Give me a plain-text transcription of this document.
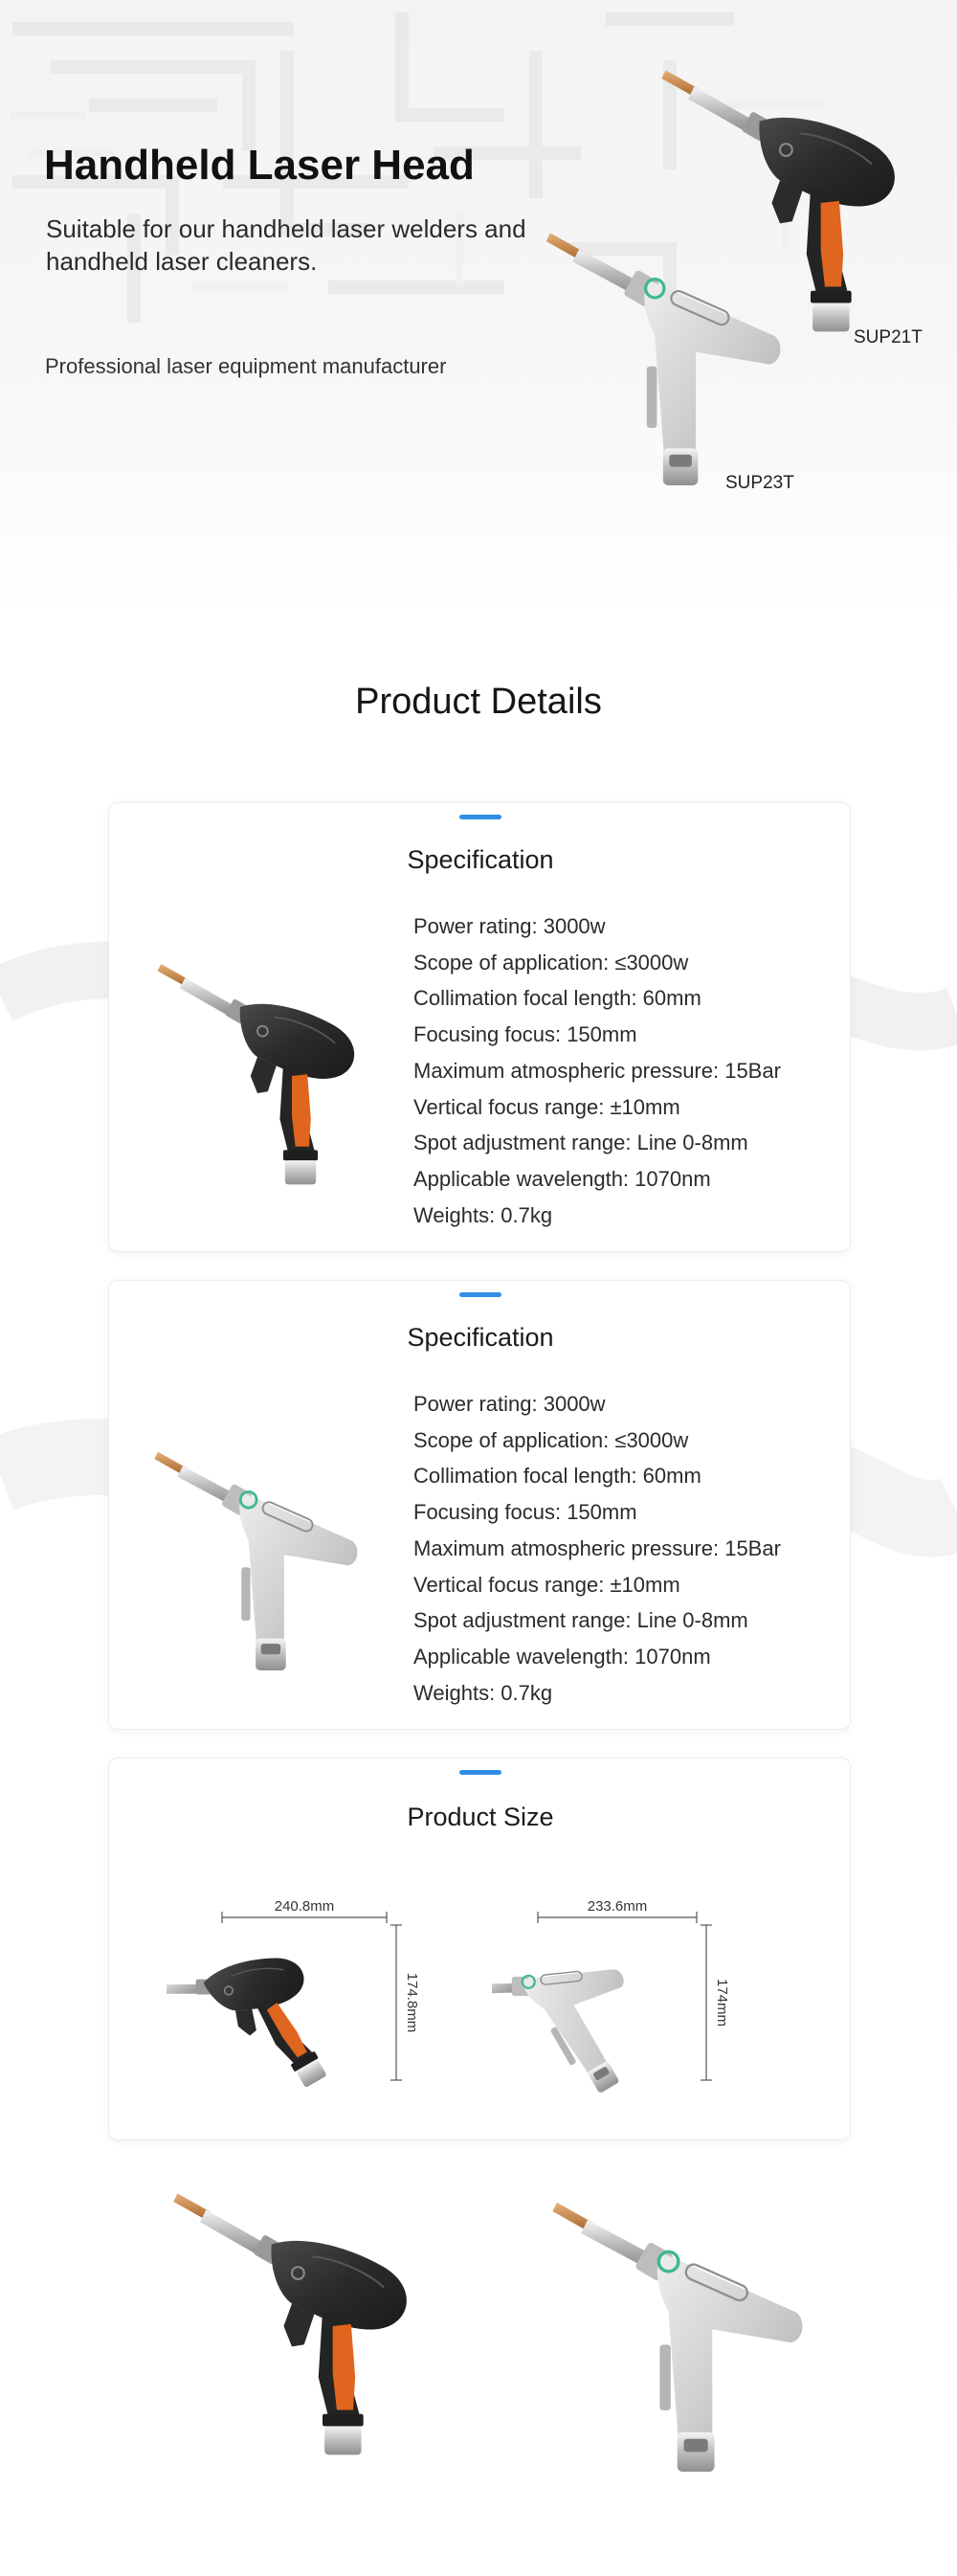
Handheld Laser Head
Suitable for our handheld laser welders and handheld laser cleaners.
Professional laser equipment manufacturer
SUP21T
SUP23T
Product Details
Specification
Power rating: 3000w
Scope of application: ≤3000w
Collimation focal length: 60mm
Focusing focus: 150mm
Maximum atmospheric pressure: 15Bar
Vertical focus range: ±10mm
Spot adjustment range: Line 0-8mm
Applicable wavelength: 1070nm
Weights: 0.7kg
Specification
Power rating: 3000w
Scope of application: ≤3000w
Collimation focal length: 60mm
Focusing focus: 150mm
Maximum atmospheric pressure: 15Bar
Vertical focus range: ±10mm
Spot adjustment range: Line 0-8mm
Applicable wavelength: 1070nm
Weights: 0.7kg
Product Size
240.8mm
174.8mm
233.6mm
174mm
